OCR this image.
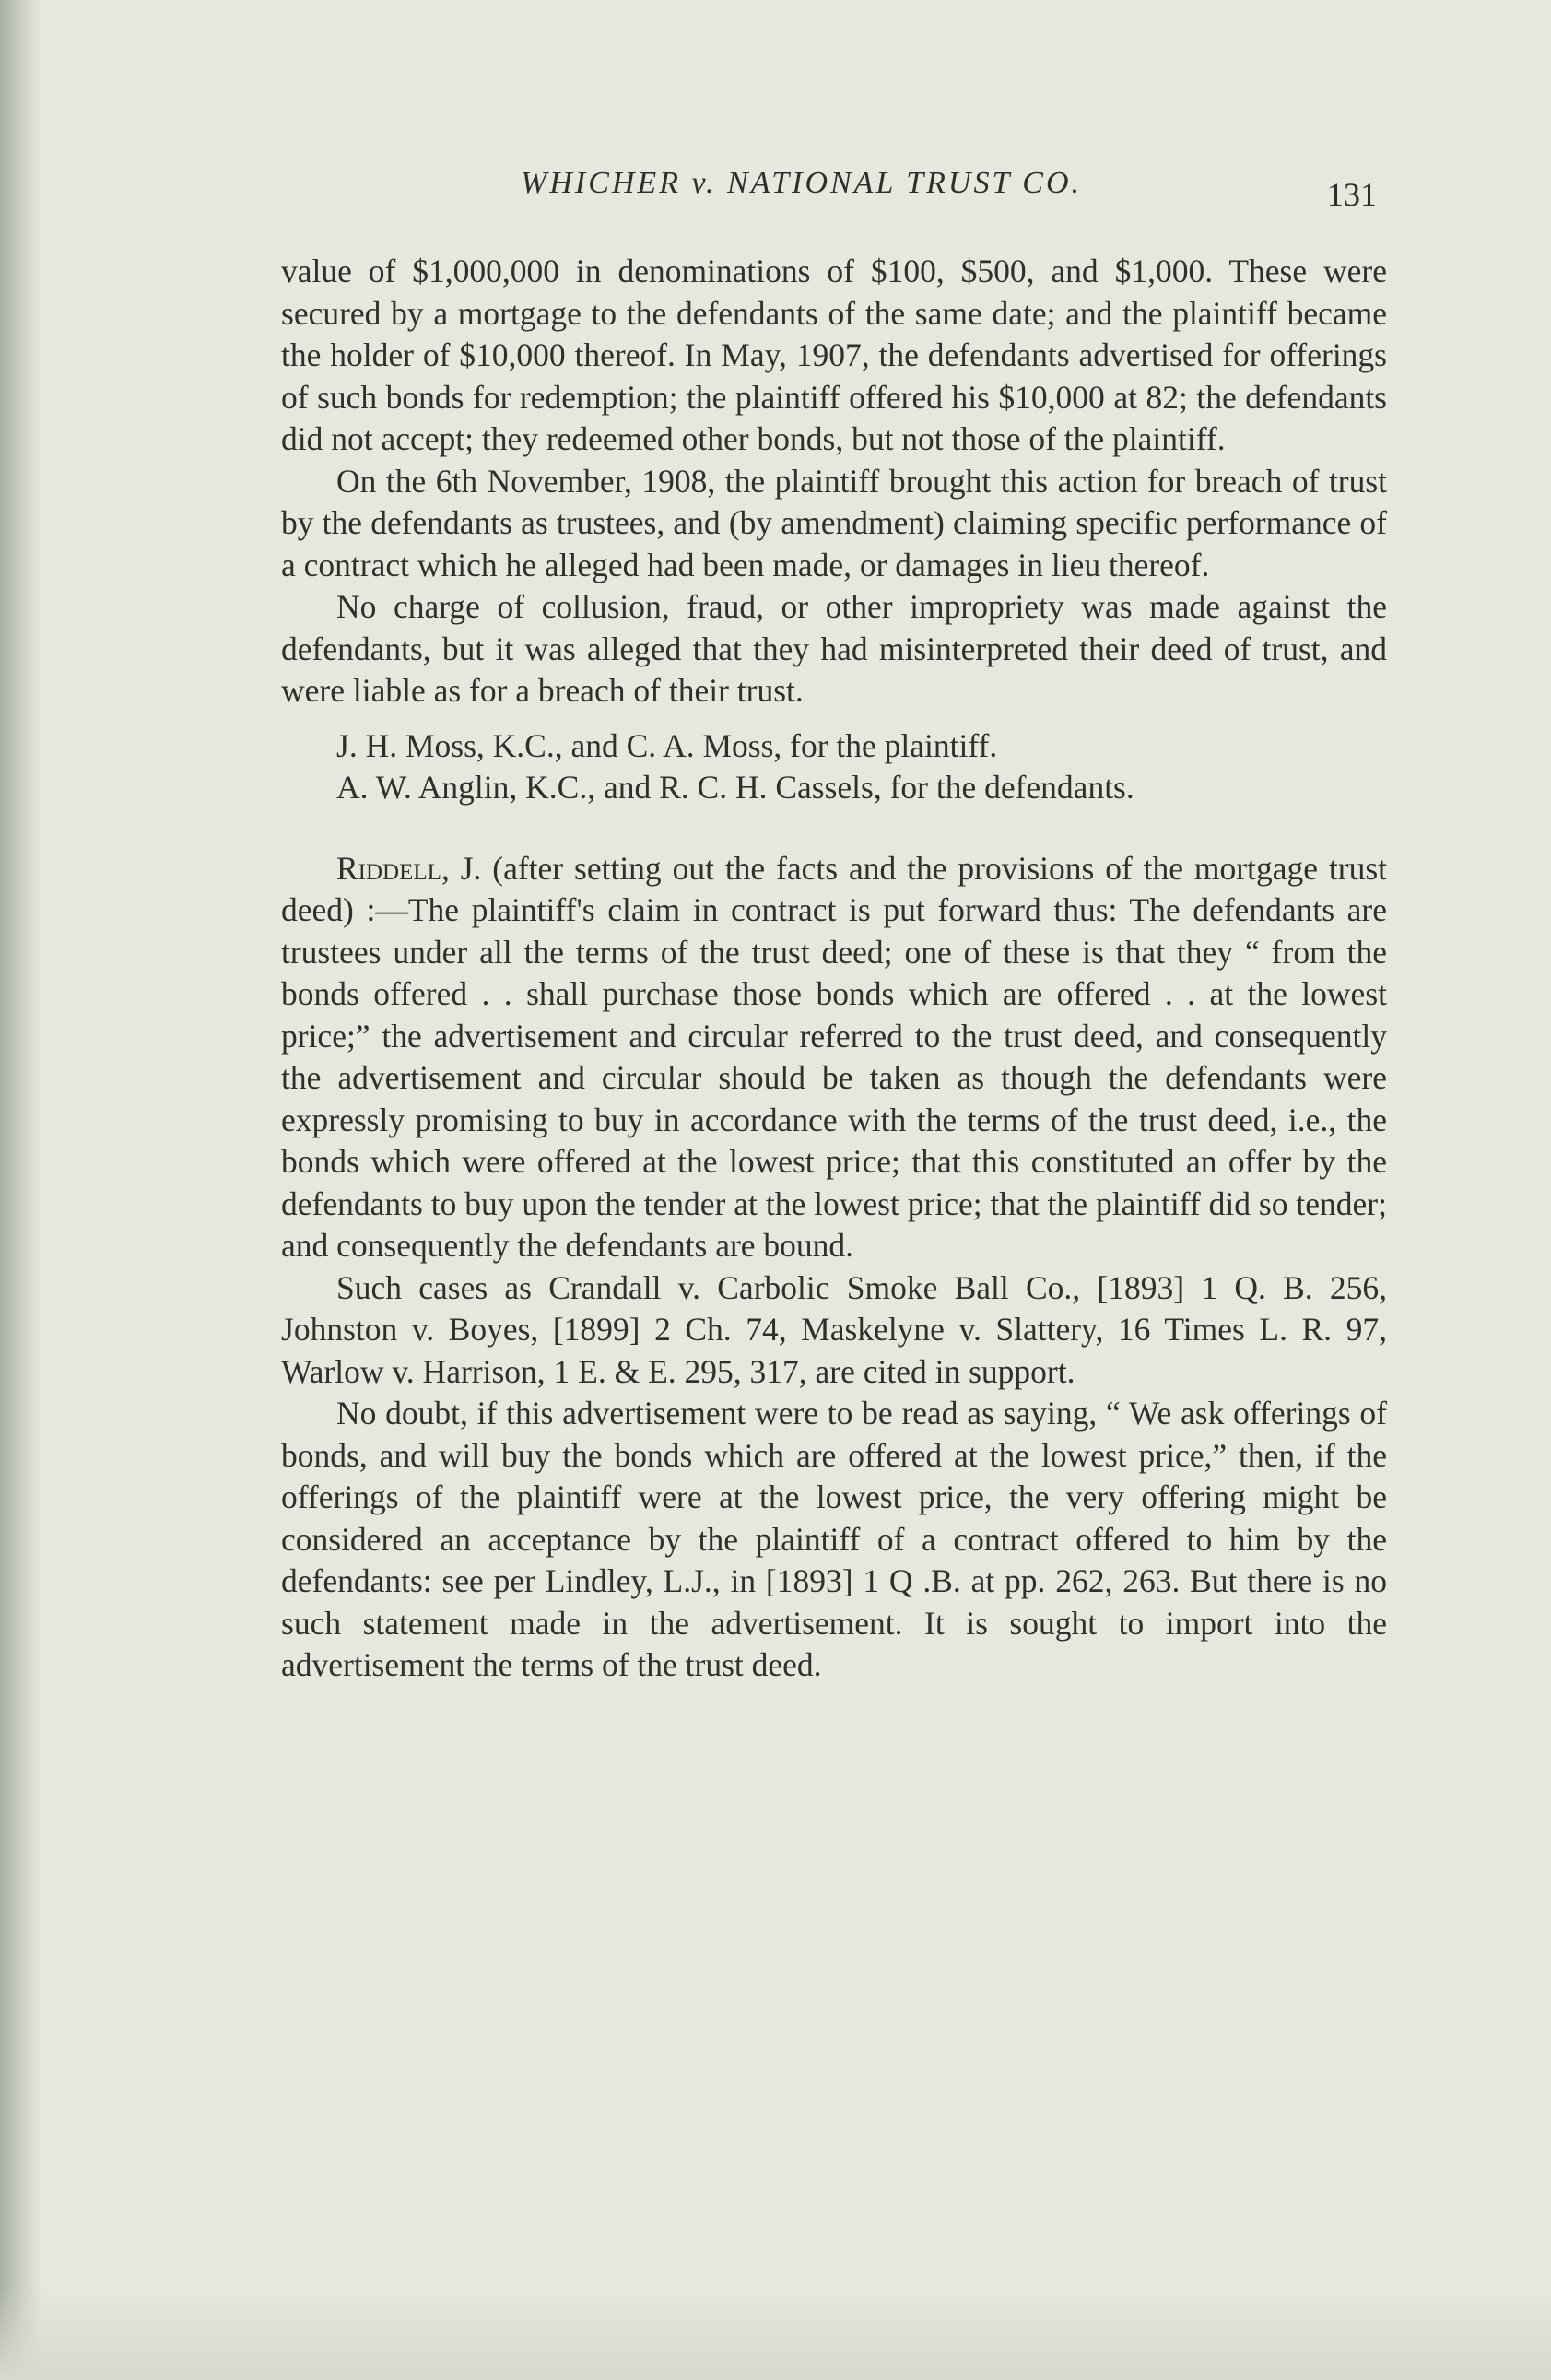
WHICHER v. NATIONAL TRUST CO.	131

value of $1,000,000 in denominations of $100, $500, and $1,000. These were secured by a mortgage to the defendants of the same date; and the plaintiff became the holder of $10,000 thereof. In May, 1907, the defendants advertised for offerings of such bonds for redemption; the plaintiff offered his $10,000 at 82; the defendants did not accept; they redeemed other bonds, but not those of the plaintiff.

On the 6th November, 1908, the plaintiff brought this action for breach of trust by the defendants as trustees, and (by amendment) claiming specific performance of a contract which he alleged had been made, or damages in lieu thereof.

No charge of collusion, fraud, or other impropriety was made against the defendants, but it was alleged that they had misinterpreted their deed of trust, and were liable as for a breach of their trust.

J. H. Moss, K.C., and C. A. Moss, for the plaintiff.

A. W. Anglin, K.C., and R. C. H. Cassels, for the defendants.

Riddell, J. (after setting out the facts and the provisions of the mortgage trust deed) :—The plaintiff's claim in contract is put forward thus: The defendants are trustees under all the terms of the trust deed; one of these is that they “ from the bonds offered . . shall purchase those bonds which are offered . . at the lowest price;” the advertisement and circular referred to the trust deed, and consequently the advertisement and circular should be taken as though the defendants were expressly promising to buy in accordance with the terms of the trust deed, i.e., the bonds which were offered at the lowest price; that this constituted an offer by the defendants to buy upon the tender at the lowest price; that the plaintiff did so tender; and consequently the defendants are bound.

Such cases as Crandall v. Carbolic Smoke Ball Co., [1893] 1 Q. B. 256, Johnston v. Boyes, [1899] 2 Ch. 74, Maskelyne v. Slattery, 16 Times L. R. 97, Warlow v. Harrison, 1 E. & E. 295, 317, are cited in support.

No doubt, if this advertisement were to be read as saying, “ We ask offerings of bonds, and will buy the bonds which are offered at the lowest price,” then, if the offerings of the plaintiff were at the lowest price, the very offering might be considered an acceptance by the plaintiff of a contract offered to him by the defendants: see per Lindley, L.J., in [1893] 1 Q .B. at pp. 262, 263. But there is no such statement made in the advertisement. It is sought to import into the advertisement the terms of the trust deed.
